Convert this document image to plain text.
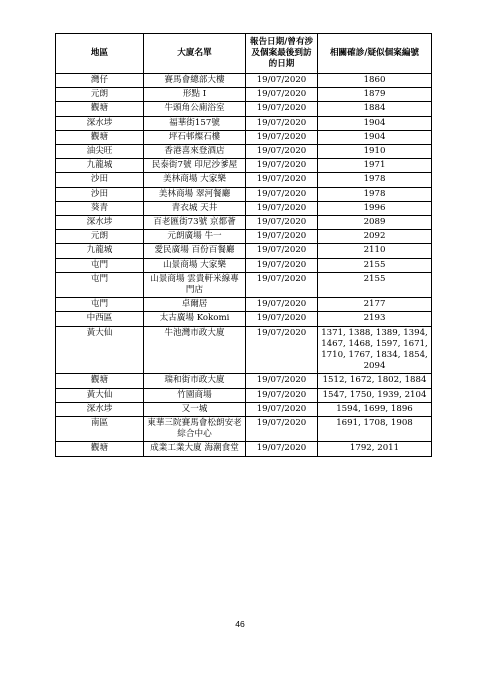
地區	大廈名單	報告日期/曾有涉及個案最後到訪的日期	相關確診/疑似個案編號
灣仔	賽馬會總部大樓	19/07/2020	1860
元朗	形點 I	19/07/2020	1879
觀塘	牛頭角公廁浴室	19/07/2020	1884
深水埗	福華街157號	19/07/2020	1904
觀塘	坪石邨燦石樓	19/07/2020	1904
油尖旺	香港喜來登酒店	19/07/2020	1910
九龍城	民泰街7號 印尼沙爹屋	19/07/2020	1971
沙田	美林商場 大家樂	19/07/2020	1978
沙田	美林商場 翠河餐廳	19/07/2020	1978
葵青	青衣城 天井	19/07/2020	1996
深水埗	百老匯街73號 京都薈	19/07/2020	2089
元朗	元朗廣場 牛一	19/07/2020	2092
九龍城	愛民廣場 百份百餐廳	19/07/2020	2110
屯門	山景商場 大家樂	19/07/2020	2155
屯門	山景商場 雲貴軒米線專門店	19/07/2020	2155
屯門	卓爾居	19/07/2020	2177
中西區	太古廣場 Kokomi	19/07/2020	2193
黃大仙	牛池灣市政大廈	19/07/2020	1371, 1388, 1389, 1394, 1467, 1468, 1597, 1671, 1710, 1767, 1834, 1854, 2094
觀塘	瑞和街市政大廈	19/07/2020	1512, 1672, 1802, 1884
黃大仙	竹園商場	19/07/2020	1547, 1750, 1939, 2104
深水埗	又一城	19/07/2020	1594, 1699, 1896
南區	東華三院賽馬會松朗安老綜合中心	19/07/2020	1691, 1708, 1908
觀塘	成業工業大廈 海潮食堂	19/07/2020	1792, 2011
46
